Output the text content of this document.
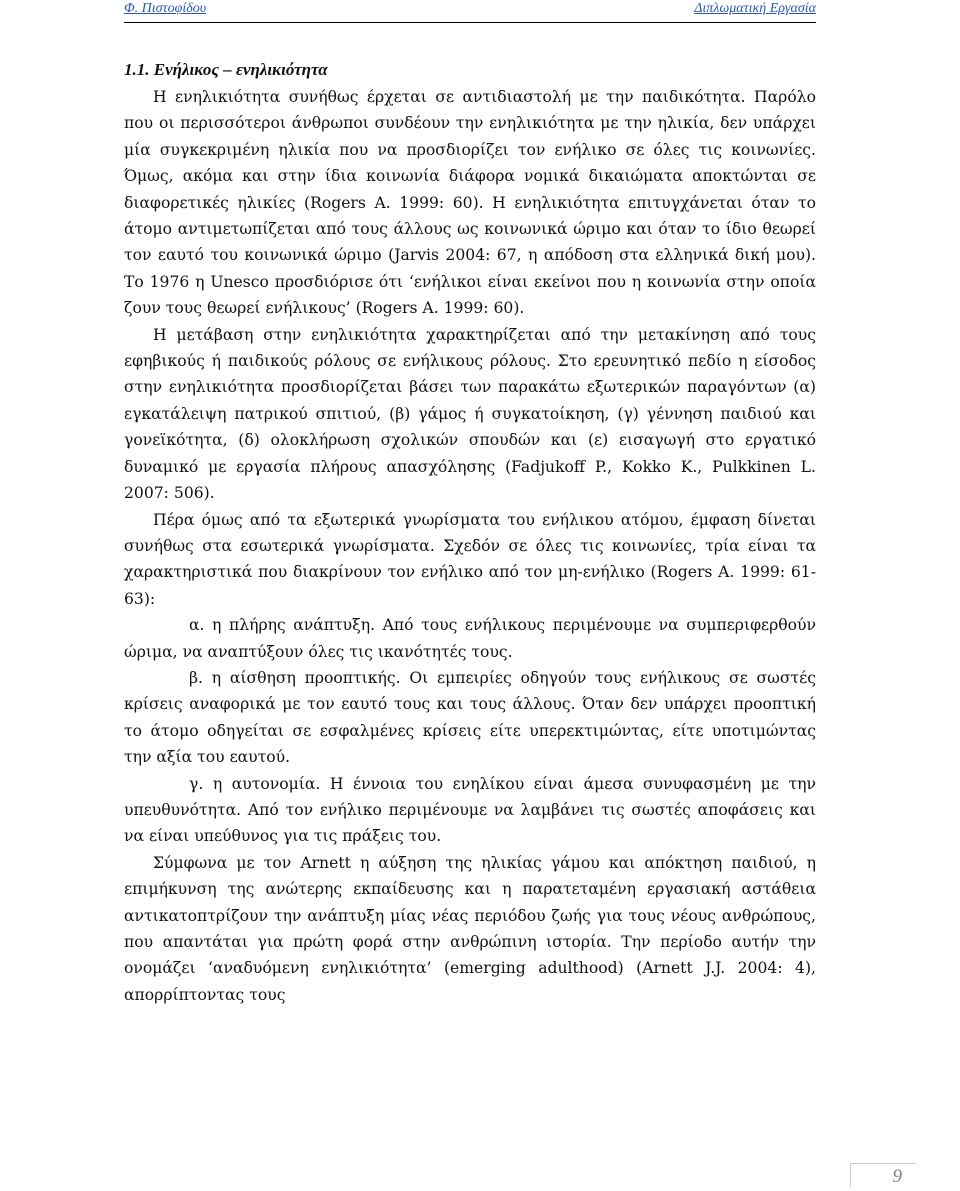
Φ. Πιστοφίδου	Διπλωματική Εργασία
1.1. Ενήλικος – ενηλικιότητα

Η ενηλικιότητα συνήθως έρχεται σε αντιδιαστολή με την παιδικότητα. Παρόλο που οι περισσότεροι άνθρωποι συνδέουν την ενηλικιότητα με την ηλικία, δεν υπάρχει μία συγκεκριμένη ηλικία που να προσδιορίζει τον ενήλικο σε όλες τις κοινωνίες. Όμως, ακόμα και στην ίδια κοινωνία διάφορα νομικά δικαιώματα αποκτώνται σε διαφορετικές ηλικίες (Rogers A. 1999: 60). Η ενηλικιότητα επιτυγχάνεται όταν το άτομο αντιμετωπίζεται από τους άλλους ως κοινωνικά ώριμο και όταν το ίδιο θεωρεί τον εαυτό του κοινωνικά ώριμο (Jarvis 2004: 67, η απόδοση στα ελληνικά δική μου). Το 1976 η Unesco προσδιόρισε ότι ‘ενήλικοι είναι εκείνοι που η κοινωνία στην οποία ζουν τους θεωρεί ενήλικους’ (Rogers A. 1999: 60).

Η μετάβαση στην ενηλικιότητα χαρακτηρίζεται από την μετακίνηση από τους εφηβικούς ή παιδικούς ρόλους σε ενήλικους ρόλους. Στο ερευνητικό πεδίο η είσοδος στην ενηλικιότητα προσδιορίζεται βάσει των παρακάτω εξωτερικών παραγόντων (α) εγκατάλειψη πατρικού σπιτιού, (β) γάμος ή συγκατοίκηση, (γ) γέννηση παιδιού και γονεϊκότητα, (δ) ολοκλήρωση σχολικών σπουδών και (ε) εισαγωγή στο εργατικό δυναμικό με εργασία πλήρους απασχόλησης (Fadjukoff P., Kokko K., Pulkkinen L. 2007: 506).

Πέρα όμως από τα εξωτερικά γνωρίσματα του ενήλικου ατόμου, έμφαση δίνεται συνήθως στα εσωτερικά γνωρίσματα. Σχεδόν σε όλες τις κοινωνίες, τρία είναι τα χαρακτηριστικά που διακρίνουν τον ενήλικο από τον μη-ενήλικο (Rogers A. 1999: 61-63):

α. η πλήρης ανάπτυξη. Από τους ενήλικους περιμένουμε να συμπεριφερθούν ώριμα, να αναπτύξουν όλες τις ικανότητές τους.

β. η αίσθηση προοπτικής. Οι εμπειρίες οδηγούν τους ενήλικους σε σωστές κρίσεις αναφορικά με τον εαυτό τους και τους άλλους. Όταν δεν υπάρχει προοπτική το άτομο οδηγείται σε εσφαλμένες κρίσεις είτε υπερεκτιμώντας, είτε υποτιμώντας την αξία του εαυτού.

γ. η αυτονομία. Η έννοια του ενηλίκου είναι άμεσα συνυφασμένη με την υπευθυνότητα. Από τον ενήλικο περιμένουμε να λαμβάνει τις σωστές αποφάσεις και να είναι υπεύθυνος για τις πράξεις του.

Σύμφωνα με τον Arnett η αύξηση της ηλικίας γάμου και απόκτηση παιδιού, η επιμήκυνση της ανώτερης εκπαίδευσης και η παρατεταμένη εργασιακή αστάθεια αντικατοπτρίζουν την ανάπτυξη μίας νέας περιόδου ζωής για τους νέους ανθρώπους, που απαντάται για πρώτη φορά στην ανθρώπινη ιστορία. Την περίοδο αυτήν την ονομάζει ‘αναδυόμενη ενηλικιότητα’ (emerging adulthood) (Arnett J.J. 2004: 4), απορρίπτοντας τους

9
